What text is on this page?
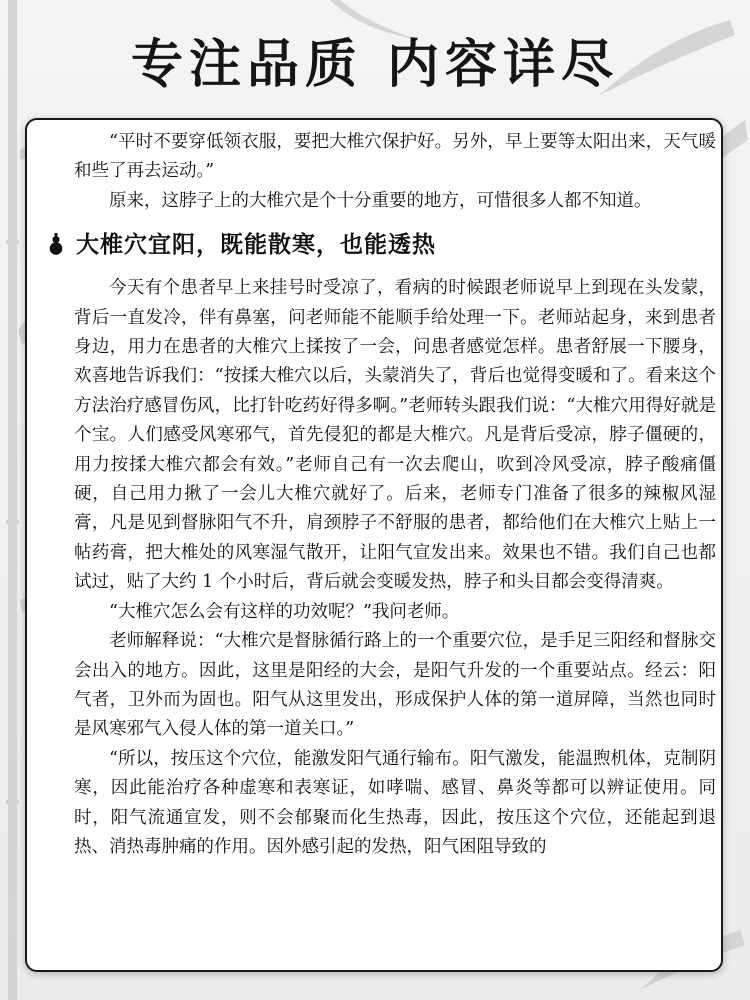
专注品质 内容详尽

“平时不要穿低领衣服，要把大椎穴保护好。另外，早上要等太阳出来，天气暖和些了再去运动。”

原来，这脖子上的大椎穴是个十分重要的地方，可惜很多人都不知道。

大椎穴宜阳，既能散寒，也能透热

今天有个患者早上来挂号时受凉了，看病的时候跟老师说早上到现在头发蒙，背后一直发冷，伴有鼻塞，问老师能不能顺手给处理一下。老师站起身，来到患者身边，用力在患者的大椎穴上揉按了一会，问患者感觉怎样。患者舒展一下腰身，欢喜地告诉我们：“按揉大椎穴以后，头蒙消失了，背后也觉得变暖和了。看来这个方法治疗感冒伤风，比打针吃药好得多啊。”老师转头跟我们说：“大椎穴用得好就是个宝。人们感受风寒邪气，首先侵犯的都是大椎穴。凡是背后受凉，脖子僵硬的，用力按揉大椎穴都会有效。”老师自己有一次去爬山，吹到冷风受凉，脖子酸痛僵硬，自己用力揪了一会儿大椎穴就好了。后来，老师专门准备了很多的辣椒风湿膏，凡是见到督脉阳气不升，肩颈脖子不舒服的患者，都给他们在大椎穴上贴上一帖药膏，把大椎处的风寒湿气散开，让阳气宣发出来。效果也不错。我们自己也都试过，贴了大约 1 个小时后，背后就会变暖发热，脖子和头目都会变得清爽。

“大椎穴怎么会有这样的功效呢？”我问老师。

老师解释说：“大椎穴是督脉循行路上的一个重要穴位，是手足三阳经和督脉交会出入的地方。因此，这里是阳经的大会，是阳气升发的一个重要站点。经云：阳气者，卫外而为固也。阳气从这里发出，形成保护人体的第一道屏障，当然也同时是风寒邪气入侵人体的第一道关口。”

“所以，按压这个穴位，能激发阳气通行输布。阳气激发，能温煦机体，克制阴寒，因此能治疗各种虚寒和表寒证，如哮喘、感冒、鼻炎等都可以辨证使用。同时，阳气流通宣发，则不会郁聚而化生热毒，因此，按压这个穴位，还能起到退热、消热毒肿痛的作用。因外感引起的发热，阳气困阻导致的
